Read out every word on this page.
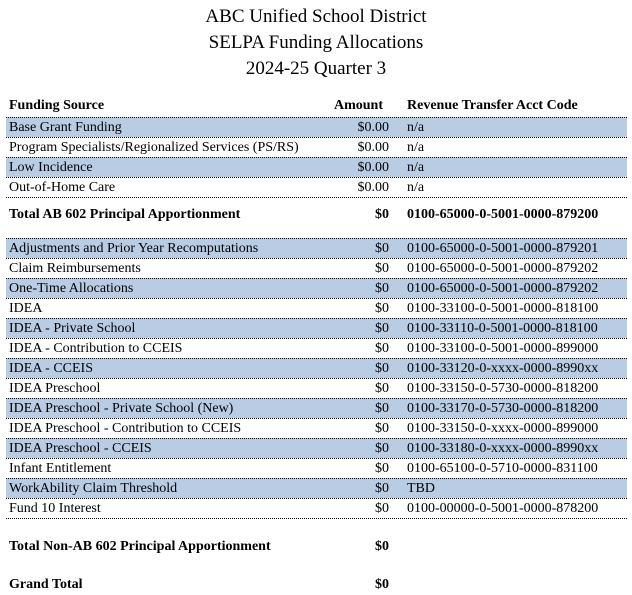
ABC Unified School District
SELPA Funding Allocations
2024-25 Quarter 3
Funding Source	Amount Revenue Transfer Acct Code
Base Grant Funding	$0.00 n/a
Program Specialists/Regionalized Services (PS/RS)	$0.00 n/a
Low Incidence	$0.00 n/a
Out-of-Home Care	$0.00 n/a
Total AB 602 Principal Apportionment	$0 0100-65000-0-5001-0000-879200
Adjustments and Prior Year Recomputations	$0 0100-65000-0-5001-0000-879201
Claim Reimbursements	$0 0100-65000-0-5001-0000-879202
One-Time Allocations	$0 0100-65000-0-5001-0000-879202
IDEA	$0 0100-33100-0-5001-0000-818100
IDEA - Private School	$0 0100-33110-0-5001-0000-818100
IDEA - Contribution to CCEIS	$0 0100-33100-0-5001-0000-899000
IDEA - CCEIS	$0 0100-33120-0-xxxx-0000-8990xx
IDEA Preschool	$0 0100-33150-0-5730-0000-818200
IDEA Preschool - Private School (New)	$0 0100-33170-0-5730-0000-818200
IDEA Preschool - Contribution to CCEIS	$0 0100-33150-0-xxxx-0000-899000
IDEA Preschool - CCEIS	$0 0100-33180-0-xxxx-0000-8990xx
Infant Entitlement	$0 0100-65100-0-5710-0000-831100
WorkAbility Claim Threshold	$0 TBD
Fund 10 Interest	$0 0100-00000-0-5001-0000-878200
Total Non-AB 602 Principal Apportionment	$0
Grand Total	$0
